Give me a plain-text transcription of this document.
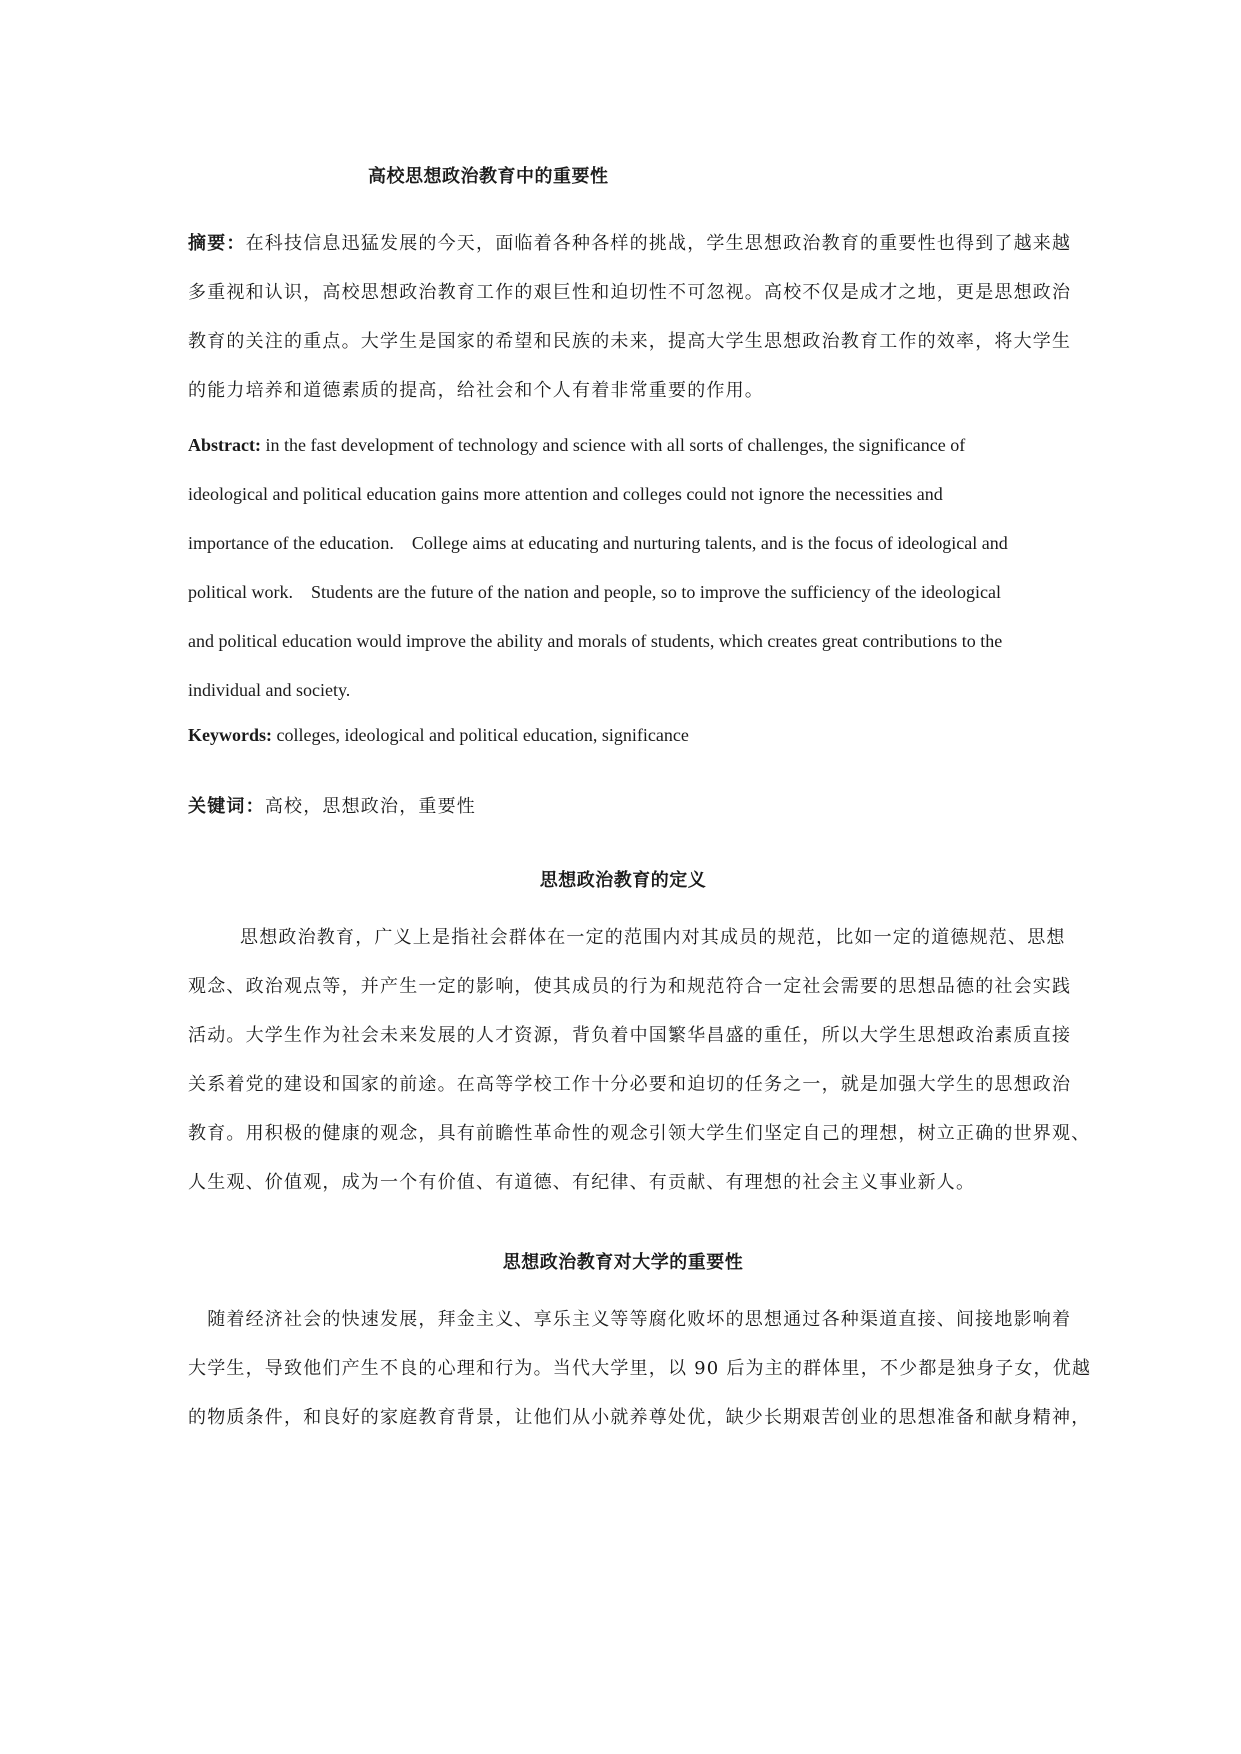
高校思想政治教育中的重要性
摘要：在科技信息迅猛发展的今天，面临着各种各样的挑战，学生思想政治教育的重要性也得到了越来越
多重视和认识，高校思想政治教育工作的艰巨性和迫切性不可忽视。高校不仅是成才之地，更是思想政治
教育的关注的重点。大学生是国家的希望和民族的未来，提高大学生思想政治教育工作的效率，将大学生
的能力培养和道德素质的提高，给社会和个人有着非常重要的作用。
Abstract: in the fast development of technology and science with all sorts of challenges, the significance of
ideological and political education gains more attention and colleges could not ignore the necessities and
importance of the education.    College aims at educating and nurturing talents, and is the focus of ideological and
political work.    Students are the future of the nation and people, so to improve the sufficiency of the ideological
and political education would improve the ability and morals of students, which creates great contributions to the
individual and society.
Keywords: colleges, ideological and political education, significance
关键词：高校，思想政治，重要性
思想政治教育的定义
思想政治教育，广义上是指社会群体在一定的范围内对其成员的规范，比如一定的道德规范、思想
观念、政治观点等，并产生一定的影响，使其成员的行为和规范符合一定社会需要的思想品德的社会实践
活动。大学生作为社会未来发展的人才资源，背负着中国繁华昌盛的重任，所以大学生思想政治素质直接
关系着党的建设和国家的前途。在高等学校工作十分必要和迫切的任务之一，就是加强大学生的思想政治
教育。用积极的健康的观念，具有前瞻性革命性的观念引领大学生们坚定自己的理想，树立正确的世界观、
人生观、价值观，成为一个有价值、有道德、有纪律、有贡献、有理想的社会主义事业新人。
思想政治教育对大学的重要性
　随着经济社会的快速发展，拜金主义、享乐主义等等腐化败坏的思想通过各种渠道直接、间接地影响着
大学生，导致他们产生不良的心理和行为。当代大学里，以 90 后为主的群体里，不少都是独身子女，优越
的物质条件，和良好的家庭教育背景，让他们从小就养尊处优，缺少长期艰苦创业的思想准备和献身精神，
